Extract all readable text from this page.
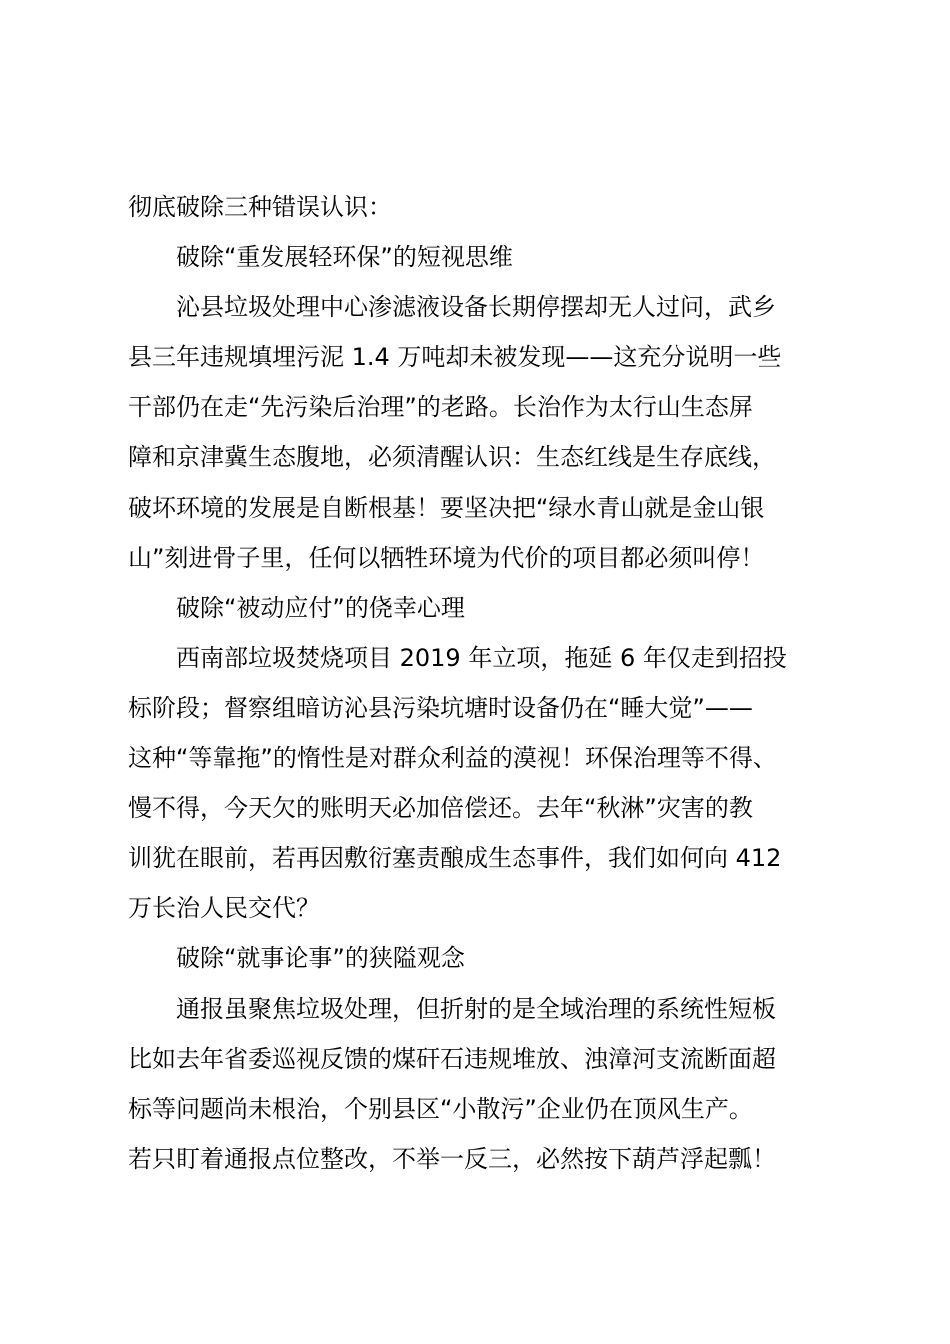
彻底破除三种错误认识：
破除“重发展轻环保”的短视思维
沁县垃圾处理中心渗滤液设备长期停摆却无人过问，武乡
县三年违规填埋污泥 1.4 万吨却未被发现——这充分说明一些
干部仍在走“先污染后治理”的老路。长治作为太行山生态屏
障和京津冀生态腹地，必须清醒认识：生态红线是生存底线，
破坏环境的发展是自断根基！要坚决把“绿水青山就是金山银
山”刻进骨子里，任何以牺牲环境为代价的项目都必须叫停！
破除“被动应付”的侥幸心理
西南部垃圾焚烧项目 2019 年立项，拖延 6 年仅走到招投
标阶段；督察组暗访沁县污染坑塘时设备仍在“睡大觉”——
这种“等靠拖”的惰性是对群众利益的漠视！环保治理等不得、
慢不得，今天欠的账明天必加倍偿还。去年“秋淋”灾害的教
训犹在眼前，若再因敷衍塞责酿成生态事件，我们如何向 412
万长治人民交代？
破除“就事论事”的狭隘观念
通报虽聚焦垃圾处理，但折射的是全域治理的系统性短板
比如去年省委巡视反馈的煤矸石违规堆放、浊漳河支流断面超
标等问题尚未根治，个别县区“小散污”企业仍在顶风生产。
若只盯着通报点位整改，不举一反三，必然按下葫芦浮起瓢！
